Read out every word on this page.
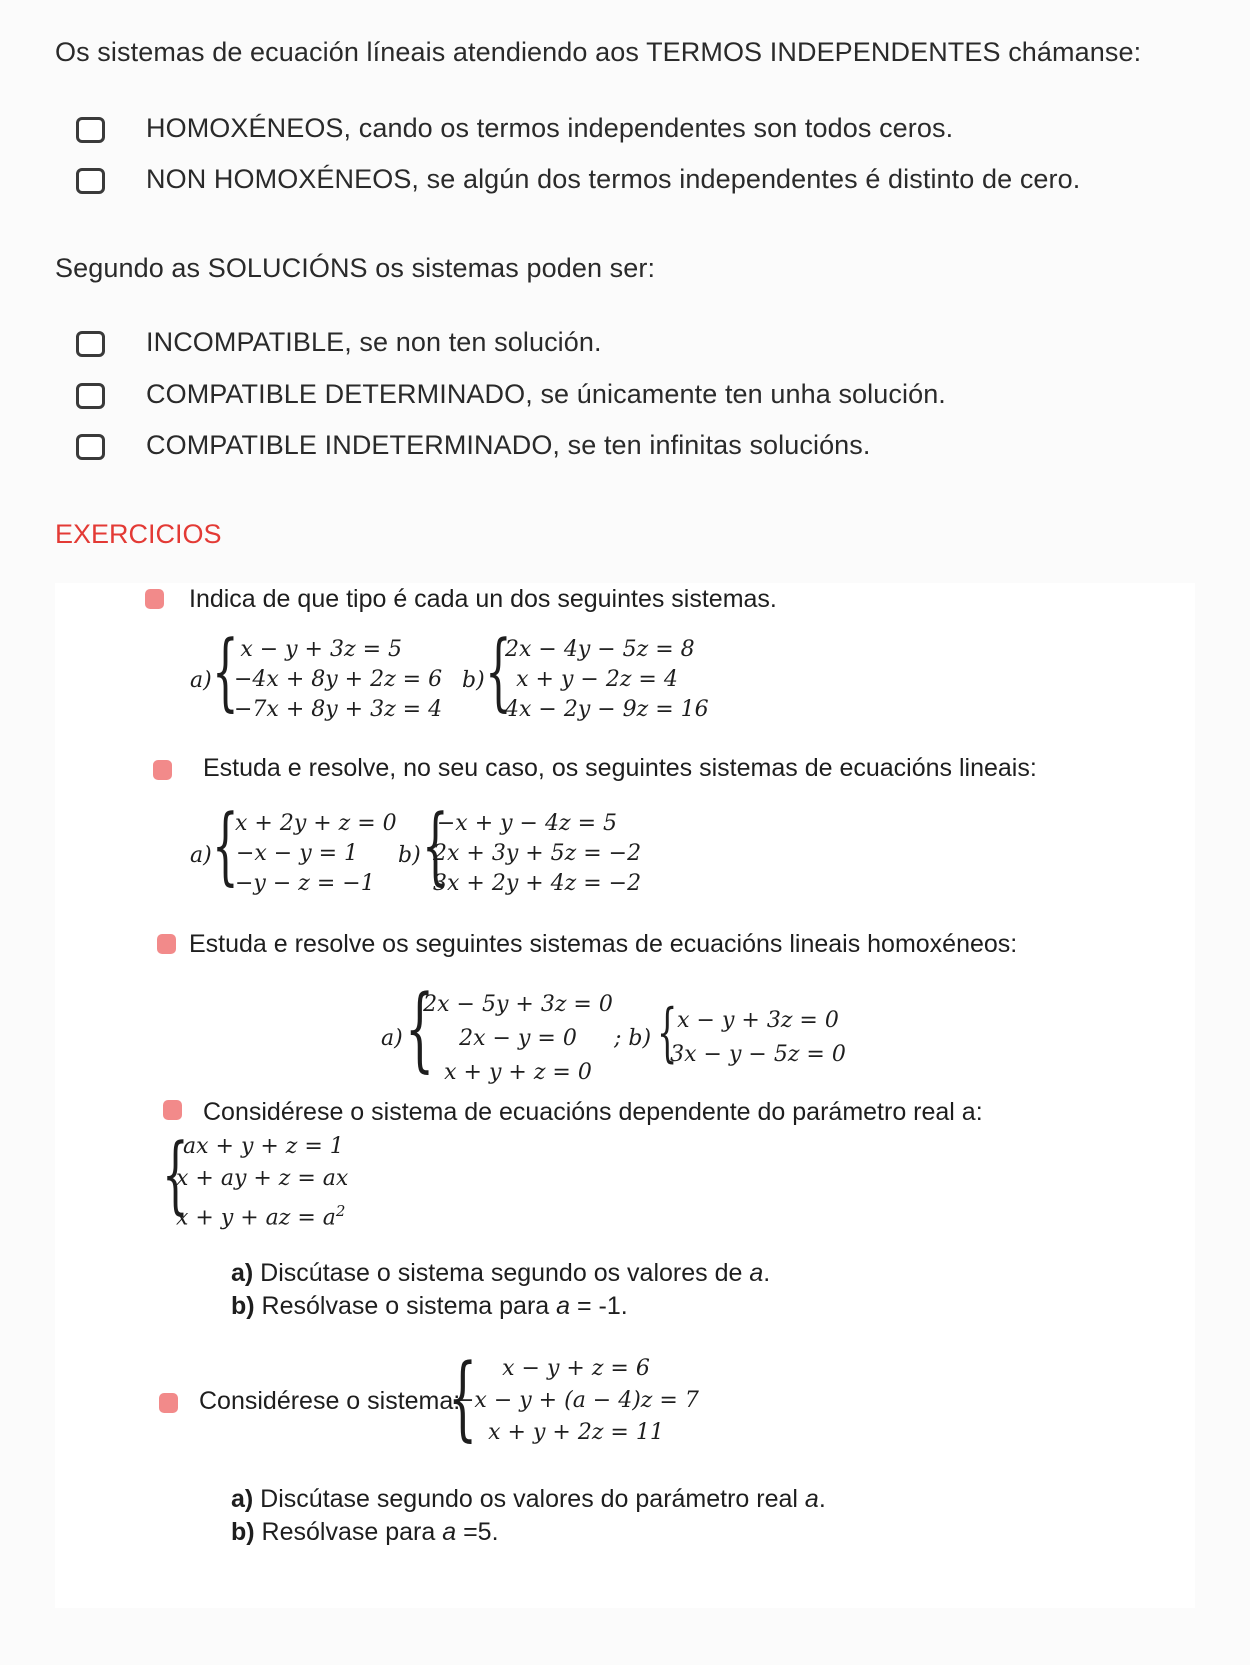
Os sistemas de ecuación líneais atendiendo aos TERMOS INDEPENDENTES chámanse:
HOMOXÉNEOS, cando os termos independentes son todos ceros.
NON HOMOXÉNEOS, se algún dos termos independentes é distinto de cero.
Segundo as SOLUCIÓNS os sistemas poden ser:
INCOMPATIBLE, se non ten solución.
COMPATIBLE DETERMINADO, se únicamente ten unha solución.
COMPATIBLE INDETERMINADO, se ten infinitas solucións.
EXERCICIOS
Indica de que tipo é cada un dos seguintes sistemas.
a) { x − y + 3z = 5
−4x + 8y + 2z = 6
−7x + 8y + 3z = 4
b) {
2x − 4y − 5z = 8
x + y − 2z = 4
4x − 2y − 9z = 16
Estuda e resolve, no seu caso, os seguintes sistemas de ecuacións lineais:
a) {
x + 2y + z = 0
−x − y = 1
−y − z = −1
b) {
−x + y − 4z = 5
2x + 3y + 5z = −2
3x + 2y + 4z = −2
Estuda e resolve os seguintes sistemas de ecuacións lineais homoxéneos:
a) {
2x − 5y + 3z = 0
2x − y = 0
x + y + z = 0
; b) { x − y + 3z = 0
3x − y − 5z = 0
Considérese o sistema de ecuacións dependente do parámetro real a:
{
ax + y + z = 1
x + ay + z = ax
x + y + az = $a^2$
a) Discútase o sistema segundo os valores de a.
b) Resólvase o sistema para a = -1.
Considérese o sistema:
{	x − y + z = 6
−x − y + (a − 4)z = 7
x + y + 2z = 11
a) Discútase segundo os valores do parámetro real a.
b) Resólvase para a =5.
